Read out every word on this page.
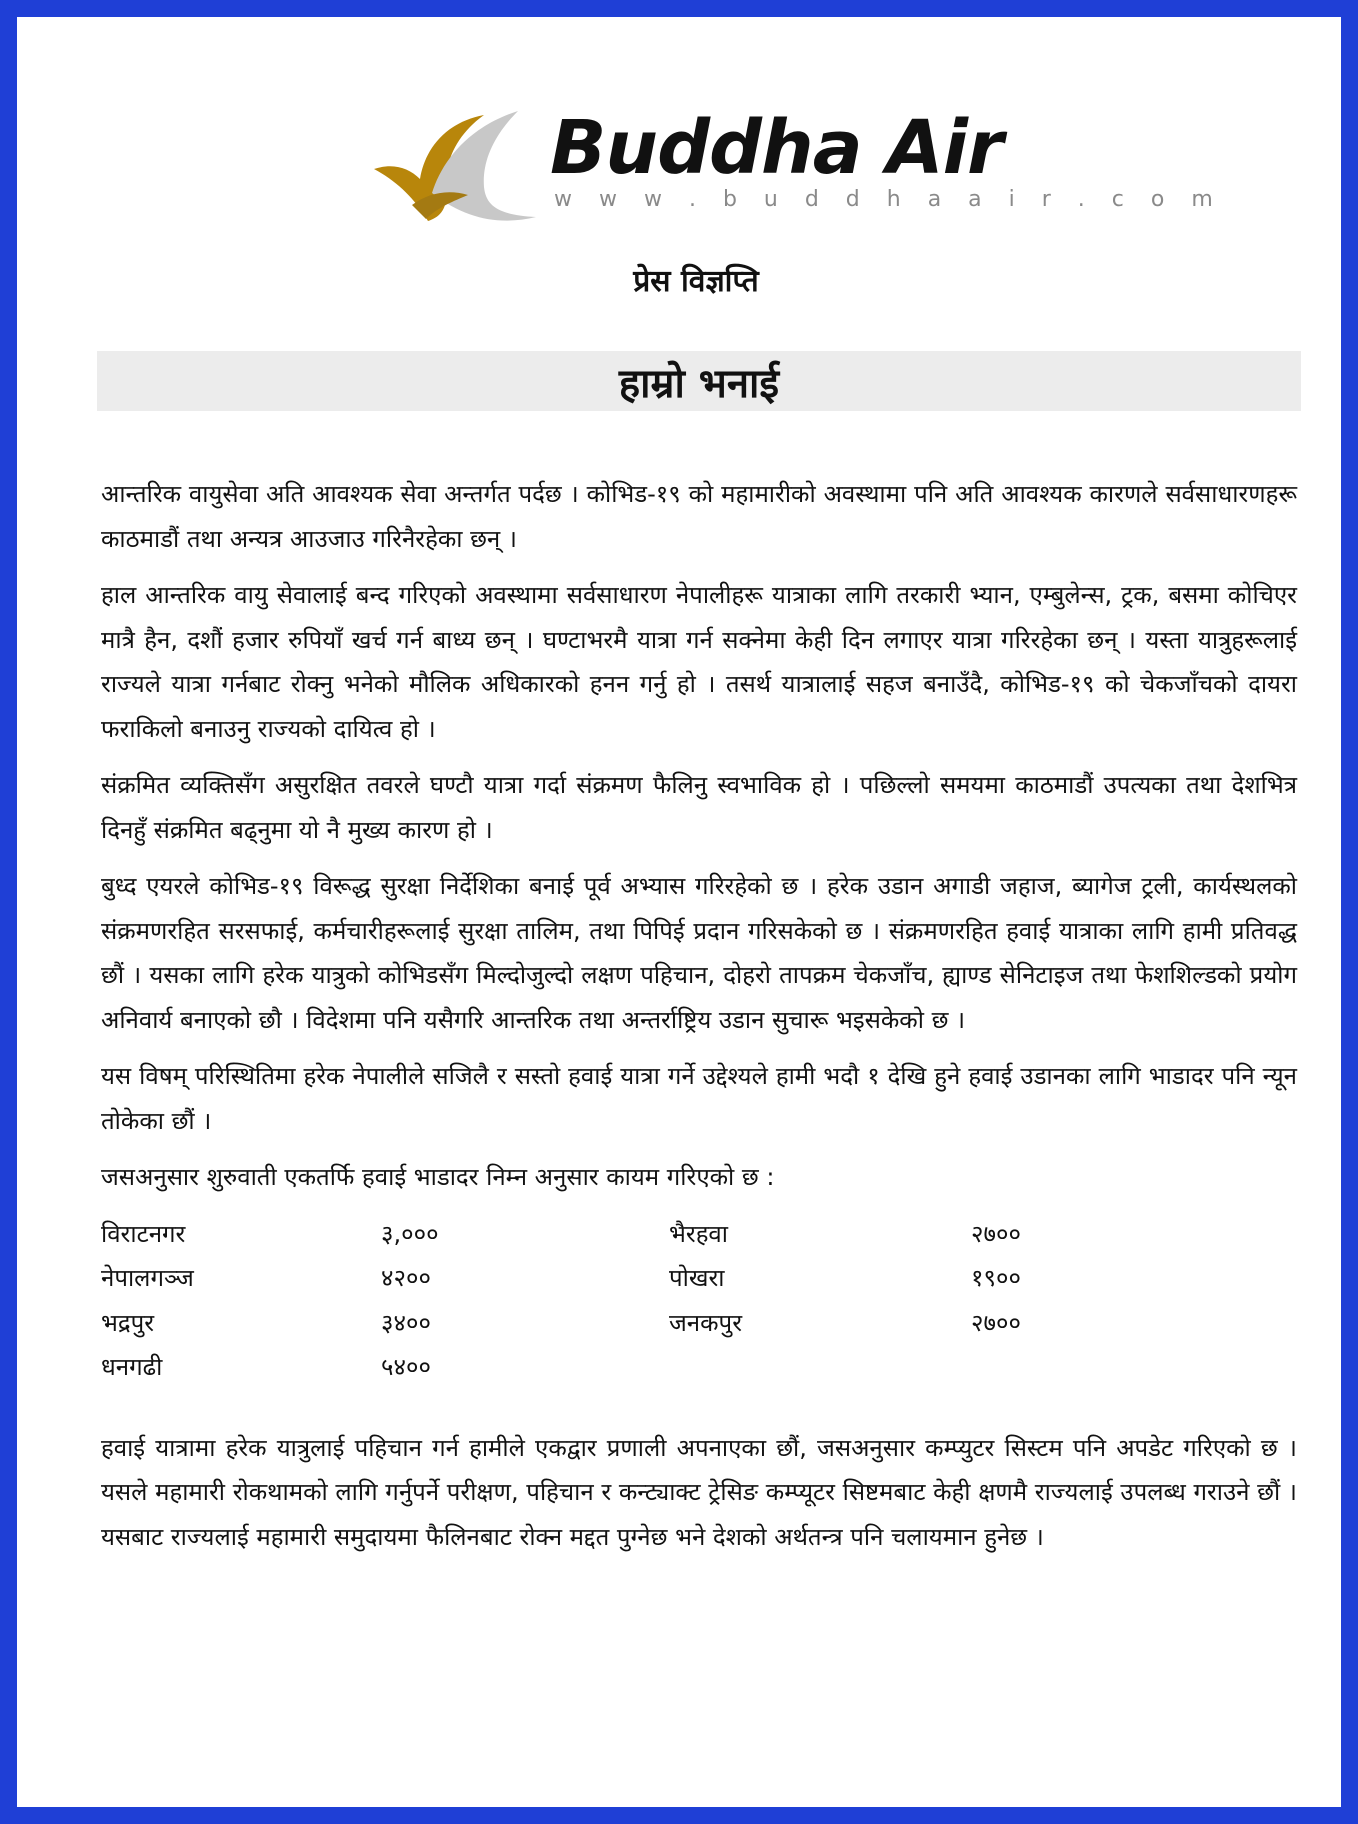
Buddha Air
w w w . b u d d h a a i r . c o m
प्रेस विज्ञप्ति
हाम्रो भनाई

आन्तरिक वायुसेवा अति आवश्यक सेवा अन्तर्गत पर्दछ । कोभिड-१९ को महामारीको अवस्थामा पनि अति आवश्यक कारणले सर्वसाधारणहरू काठमाडौं तथा अन्यत्र आउजाउ गरिनैरहेका छन् ।

हाल आन्तरिक वायु सेवालाई बन्द गरिएको अवस्थामा सर्वसाधारण नेपालीहरू यात्राका लागि तरकारी भ्यान, एम्बुलेन्स, ट्रक, बसमा कोचिएर मात्रै हैन, दशौं हजार रुपियाँ खर्च गर्न बाध्य छन् । घण्टाभरमै यात्रा गर्न सक्नेमा केही दिन लगाएर यात्रा गरिरहेका छन् । यस्ता यात्रुहरूलाई राज्यले यात्रा गर्नबाट रोक्नु भनेको मौलिक अधिकारको हनन गर्नु हो । तसर्थ यात्रालाई सहज बनाउँदै, कोभिड-१९ को चेकजाँचको दायरा फराकिलो बनाउनु राज्यको दायित्व हो ।

संक्रमित व्यक्तिसँग असुरक्षित तवरले घण्टौ यात्रा गर्दा संक्रमण फैलिनु स्वभाविक हो । पछिल्लो समयमा काठमाडौं उपत्यका तथा देशभित्र दिनहुँ संक्रमित बढ्नुमा यो नै मुख्य कारण हो ।

बुध्द एयरले कोभिड-१९ विरूद्ध सुरक्षा निर्देशिका बनाई पूर्व अभ्यास गरिरहेको छ । हरेक उडान अगाडी जहाज, ब्यागेज ट्रली, कार्यस्थलको संक्रमणरहित सरसफाई, कर्मचारीहरूलाई सुरक्षा तालिम, तथा पिपिई प्रदान गरिसकेको छ । संक्रमणरहित हवाई यात्राका लागि हामी प्रतिवद्ध छौं । यसका लागि हरेक यात्रुको कोभिडसँग मिल्दोजुल्दो लक्षण पहिचान, दोहरो तापक्रम चेकजाँच, ह्याण्ड सेनिटाइज तथा फेशशिल्डको प्रयोग अनिवार्य बनाएको छौ । विदेशमा पनि यसैगरि आन्तरिक तथा अन्तर्राष्ट्रिय उडान सुचारू भइसकेको छ ।

यस विषम् परिस्थितिमा हरेक नेपालीले सजिलै र सस्तो हवाई यात्रा गर्ने उद्देश्यले हामी भदौ १ देखि हुने हवाई उडानका लागि भाडादर पनि न्यून तोकेका छौं ।

जसअनुसार शुरुवाती एकतर्फि हवाई भाडादर निम्न अनुसार कायम गरिएको छ :

विराटनगर	३,०००	भैरहवा	२७००
नेपालगञ्ज	४२००	पोखरा	१९००
भद्रपुर	३४००	जनकपुर	२७००
धनगढी	५४००

हवाई यात्रामा हरेक यात्रुलाई पहिचान गर्न हामीले एकद्वार प्रणाली अपनाएका छौं, जसअनुसार कम्प्युटर सिस्टम पनि अपडेट गरिएको छ । यसले महामारी रोकथामको लागि गर्नुपर्ने परीक्षण, पहिचान र कन्ट्याक्ट ट्रेसिङ कम्प्यूटर सिष्टमबाट केही क्षणमै राज्यलाई उपलब्ध गराउने छौं । यसबाट राज्यलाई महामारी समुदायमा फैलिनबाट रोक्न मद्दत पुग्नेछ भने देशको अर्थतन्त्र पनि चलायमान हुनेछ ।
